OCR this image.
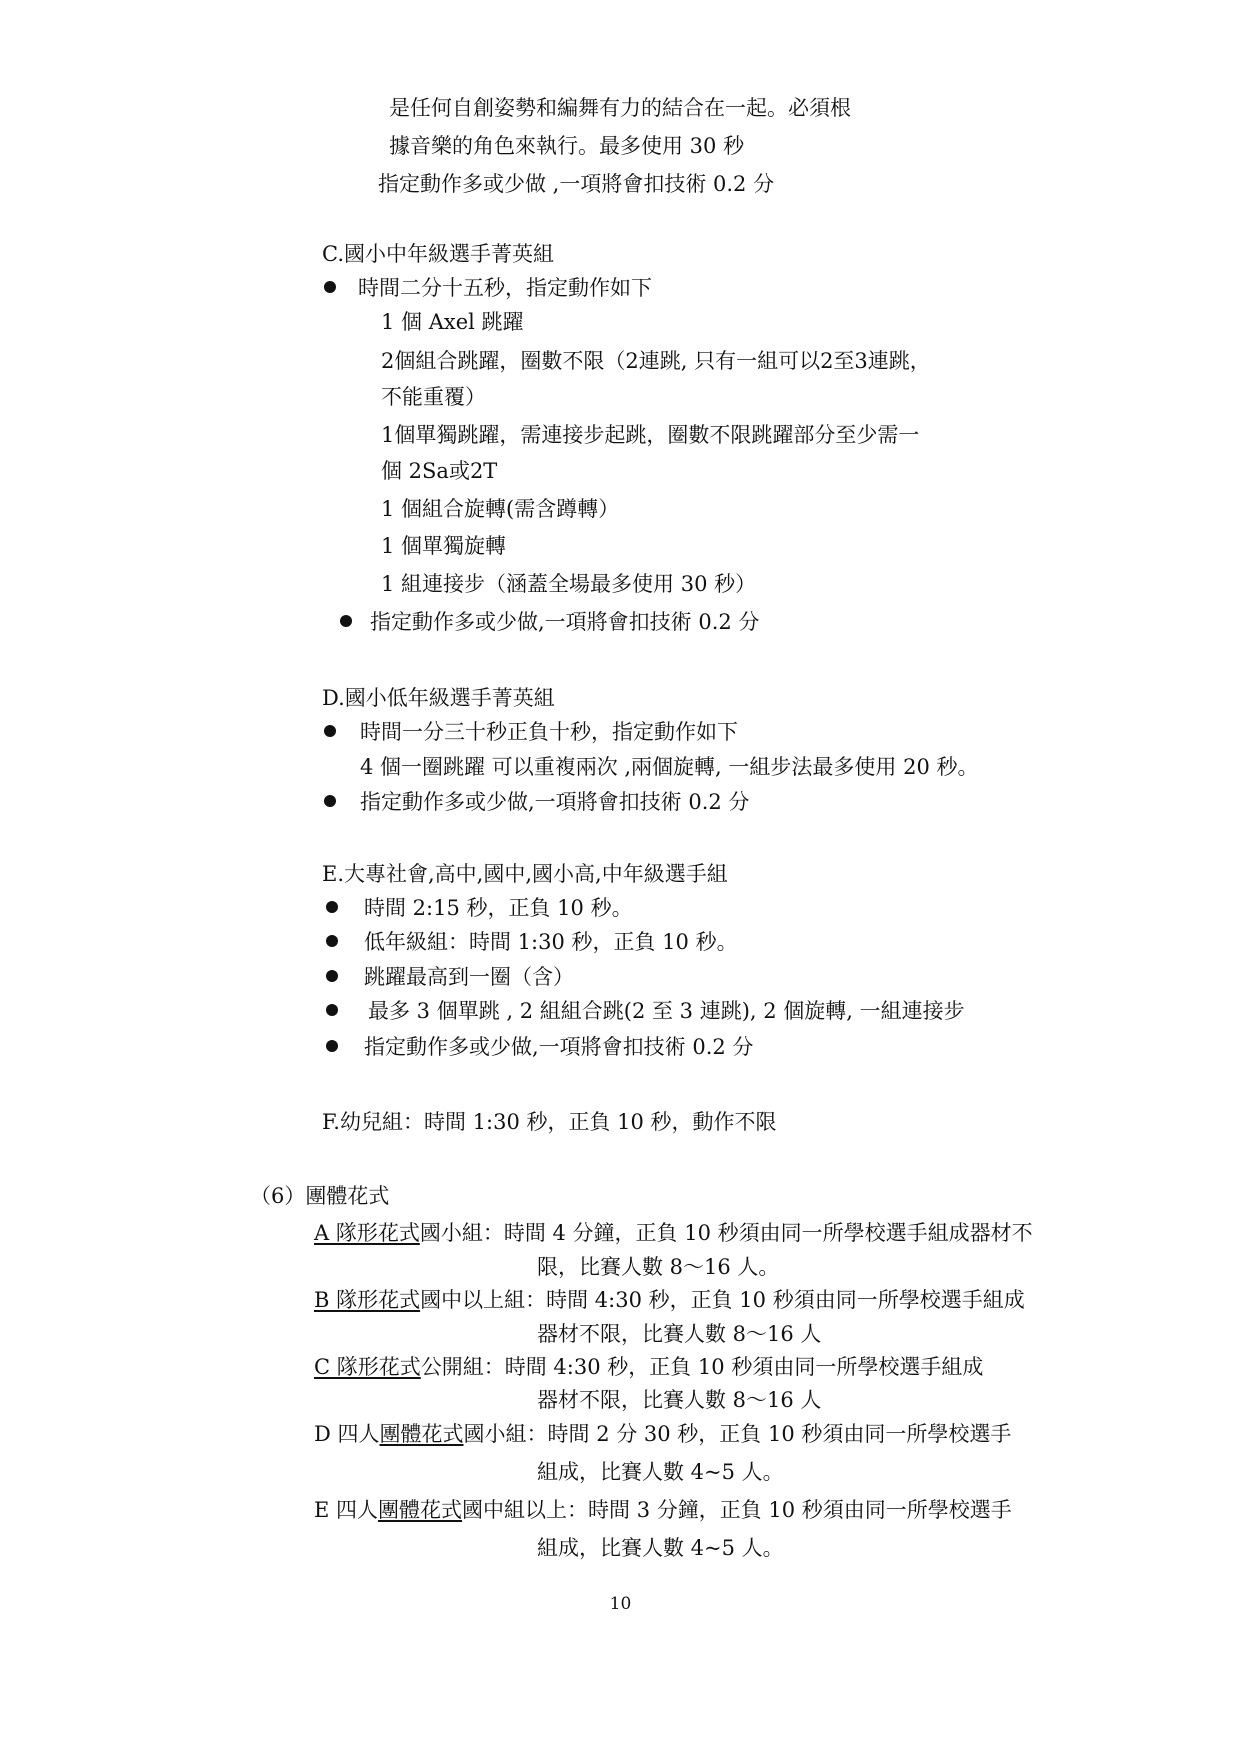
是任何自創姿勢和編舞有力的結合在一起。必須根
據音樂的角色來執行。最多使用 30 秒
指定動作多或少做 ,一項將會扣技術 0.2 分
C.國小中年級選手菁英組
時間二分十五秒，指定動作如下
1 個 Axel 跳躍
2個組合跳躍，圈數不限（2連跳, 只有一組可以2至3連跳，
不能重覆）
1個單獨跳躍，需連接步起跳，圈數不限跳躍部分至少需一
個 2Sa或2T
1 個組合旋轉(需含蹲轉）
1 個單獨旋轉
1 組連接步（涵蓋全場最多使用 30 秒）
指定動作多或少做,一項將會扣技術 0.2 分
D.國小低年級選手菁英組
時間一分三十秒正負十秒，指定動作如下
4 個一圈跳躍 可以重複兩次 ,兩個旋轉, 一組步法最多使用 20 秒。
指定動作多或少做,一項將會扣技術 0.2 分
E.大專社會,高中,國中,國小高,中年級選手組
時間 2:15 秒，正負 10 秒。
低年級組：時間 1:30 秒，正負 10 秒。
跳躍最高到一圈（含）
最多 3 個單跳 , 2 組組合跳(2 至 3 連跳), 2 個旋轉, 一組連接步
指定動作多或少做,一項將會扣技術 0.2 分
F.幼兒組：時間 1:30 秒，正負 10 秒，動作不限
（6）團體花式
A 隊形花式國小組：時間 4 分鐘，正負 10 秒須由同一所學校選手組成器材不
限，比賽人數 8～16 人。
B 隊形花式國中以上組：時間 4:30 秒，正負 10 秒須由同一所學校選手組成
器材不限，比賽人數 8～16 人
C 隊形花式公開組：時間 4:30 秒，正負 10 秒須由同一所學校選手組成
器材不限，比賽人數 8～16 人
D 四人團體花式國小組：時間 2 分 30 秒，正負 10 秒須由同一所學校選手
組成，比賽人數 4~5 人。
E 四人團體花式國中組以上：時間 3 分鐘，正負 10 秒須由同一所學校選手
組成，比賽人數 4~5 人。
10
